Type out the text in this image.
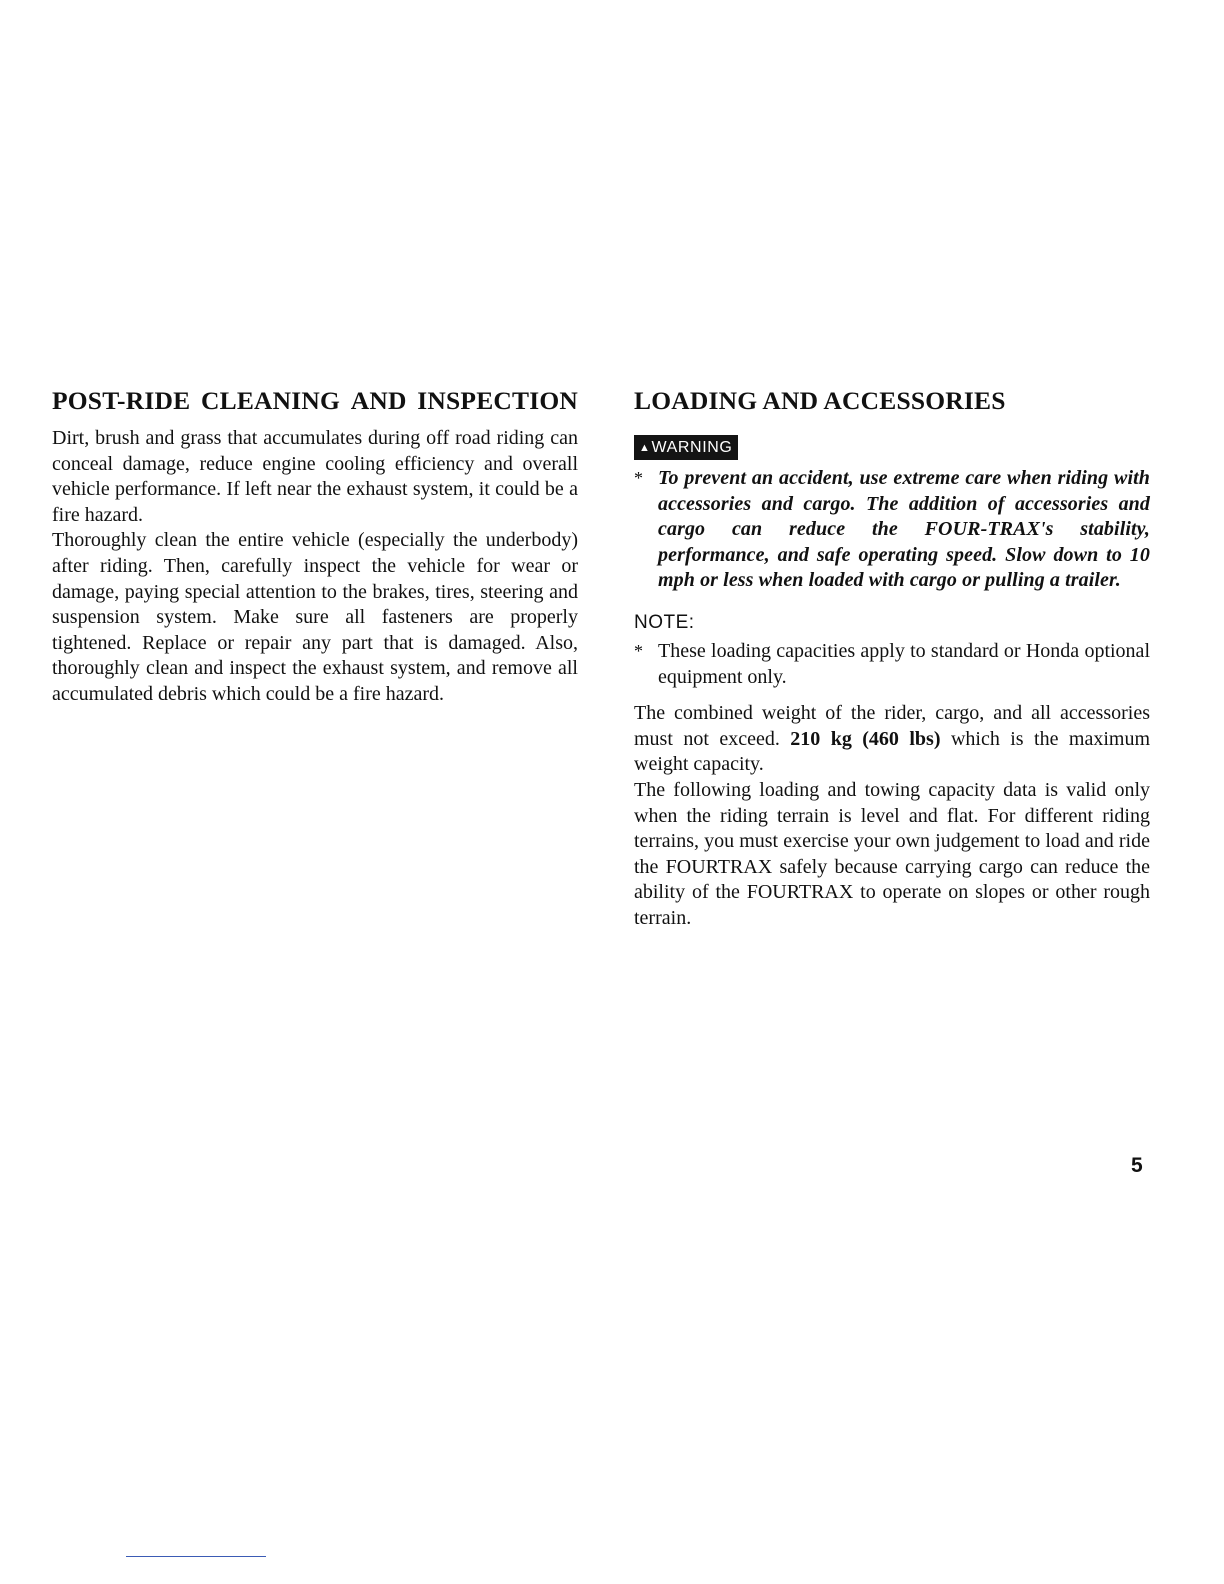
POST-RIDE CLEANING AND INSPECTION

Dirt, brush and grass that accumulates during off road riding can conceal damage, reduce engine cooling efficiency and overall vehicle performance. If left near the exhaust system, it could be a fire hazard.

Thoroughly clean the entire vehicle (especially the underbody) after riding. Then, carefully inspect the vehicle for wear or damage, paying special attention to the brakes, tires, steering and suspension system. Make sure all fasteners are properly tightened. Replace or repair any part that is damaged. Also, thoroughly clean and inspect the exhaust system, and remove all accumulated debris which could be a fire hazard.

LOADING AND ACCESSORIES
▲WARNING
* To prevent an accident, use extreme care when riding with accessories and cargo. The addition of accessories and cargo can reduce the FOUR-TRAX's stability, performance, and safe operating speed. Slow down to 10 mph or less when loaded with cargo or pulling a trailer.

NOTE:
* These loading capacities apply to standard or Honda optional equipment only.

The combined weight of the rider, cargo, and all accessories must not exceed. 210 kg (460 lbs) which is the maximum weight capacity.

The following loading and towing capacity data is valid only when the riding terrain is level and flat. For different riding terrains, you must exercise your own judgement to load and ride the FOURTRAX safely because carrying cargo can reduce the ability of the FOURTRAX to operate on slopes or other rough terrain.

5
